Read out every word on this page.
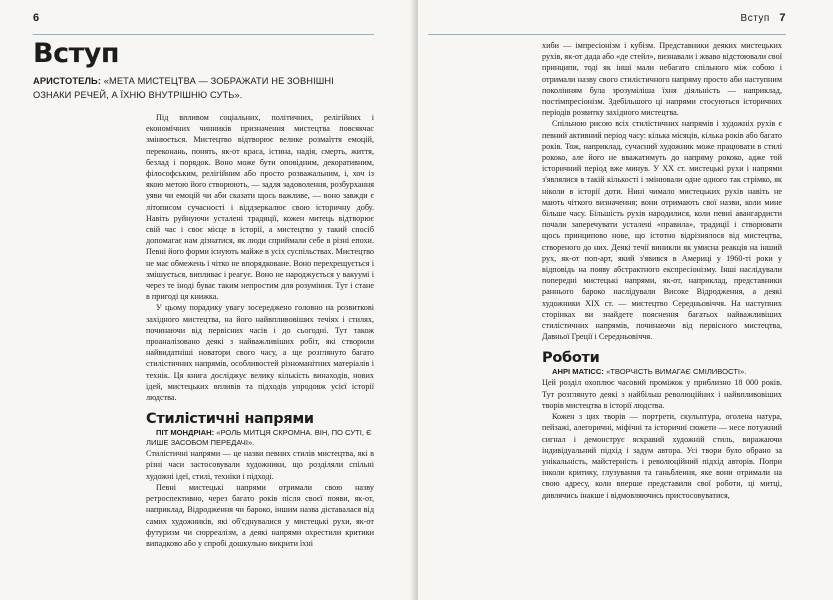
6
Вступ

АРИСТОТЕЛЬ: «МЕТА МИСТЕЦТВА — ЗОБРАЖАТИ НЕ ЗОВНІШНІ ОЗНАКИ РЕЧЕЙ, А ЇХНЮ ВНУТРІШНЮ СУТЬ».

Під впливом соціальних, політичних, релігійних і економічних чинників призначення мистецтва повсякчас змінюється. Мистецтво відтворює велике розмаїття емоцій, переконань, понять, як-от краса, істина, надія, смерть, життя, безлад і порядок. Воно може бути оповідним, декоративним, філософським, релігійним або просто розважальним, і, хоч із якою метою його створюють, — задля задоволення, розбурхання уяви чи емоцій чи аби сказати щось важливе, — воно завжди є літописом сучасності і віддзеркалює свою історичну добу. Навіть руйнуючи усталені традиції, кожен митець відтворює свій час і своє місце в історії, а мистецтво у такий спосіб допомагає нам дізнатися, як люди сприймали себе в різні епохи. Певні його форми існують майже в усіх суспільствах. Мистецтво не має обмежень і чітко не впорядковане. Воно перехрещується і змішується, випливає і реагує. Воно не народжується у вакуумі і через те іноді буває таким непростим для розуміння. Тут і стане в пригоді ця книжка.

У цьому порадику увагу зосереджено головно на розвиткові західного мистецтва, на його найвпливовіших течіях і стилях, починаючи від первісних часів і до сьогодні. Тут також проаналізовано деякі з найважливіших робіт, які створили найвидатніші новатори свого часу, а ще розглянуто багато стилістичних напрямів, особливостей різноманітних матеріалів і технік. Ця книга досліджує велику кількість винаходів, нових ідей, мистецьких впливів та підходів упродовж усієї історії людства.

Стилістичні напрями

ПІТ МОНДРІАН: «РОЛЬ МИТЦЯ СКРОМНА. ВІН, ПО СУТІ, Є ЛИШЕ ЗАСОБОМ ПЕРЕДАЧІ».

Стилістичні напрями — це назви певних стилів мистецтва, які в різні часи застосовували художники, що розділяли спільні художні ідеї, стилі, техніки і підході.

Певні мистецькі напрями отримали свою назву ретроспективно, через багато років після своєї появи, як-от, наприклад, Відродження чи бароко, іншим назва діставалася від самих художників, які об'єднувалися у мистецькі рухи, як-от футуризм чи сюрреалізм, а деякі напрями охрестили критики випадково або у спробі дошкульно викрити їхні

Вступ 7

хиби — імпресіонізм і кубізм. Представники деяких мистецьких рухів, як-от дада або «де стейл», визнавали і жваво відстоювали свої принципи, тоді як інші мали небагато спільного між собою і отримали назву свого стилістичного напряму просто аби наступним поколінням була зрозуміліша їхня діяльність — наприклад, постімпресіонізм. Здебільшого ці напрями стосуються історичних періодів розвитку західного мистецтва.

Спільною рисою всіх стилістичних напрямів і художніх рухів є певний активний період часу: кілька місяців, кілька років або багато років. Тож, наприклад, сучасний художник може працювати в стилі рококо, але його не вважатимуть до напряму рококо, адже той історичний період вже минув. У XX ст. мистецькі рухи і напрями з'являлися в такій кількості і змінювали одне одного так стрімко, як ніколи в історії доти. Нині чимало мистецьких рухів навіть не мають чіткого визначення; вони отримають свої назви, коли мине більше часу. Більшість рухів народилися, коли певні авангардисти почали заперечувати усталені «правила», традиції і створювати щось принципово нове, що істотно відрізнялося від мистецтва, створеного до них. Деякі течії виникли як умисна реакція на інший рух, як-от поп-арт, який з'явився в Америці у 1960-ті роки у відповідь на появу абстрактного експресіонізму. Інші наслідували попередні мистецькі напрями, як-от, наприклад, представники раннього бароко наслідували Високе Відродження, а деякі художники XIX ст. — мистецтво Середньовіччя. На наступних сторінках ви знайдете пояснення багатьох найважливіших стилістичних напрямів, починаючи від первісного мистецтва, Давньої Греції і Середньовіччя.

Роботи

АНРІ МАТІСС: «ТВОРЧІСТЬ ВИМАГАЄ СМІЛИВОСТІ».

Цей розділ охоплює часовий проміжок у приблизно 18 000 років. Тут розглянуто деякі з найбільш революційних і найвпливовіших творів мистецтва в історії людства.

Кожен з цих творів — портрети, скульптура, оголена натура, пейзажі, алегоричні, міфічні та історичні сюжети — несе потужний сигнал і демонструє яскравий художній стиль, виражаючи індивідуальний підхід і задум автора. Усі твори було обрано за унікальність, майстерність і революційний підхід авторів. Попри інколи критику, глузування та ганьблення, яке вони отримали на свою адресу, коли вперше представили свої роботи, ці митці, дивлячись інакше і відмовляючись пристосовуватися,
